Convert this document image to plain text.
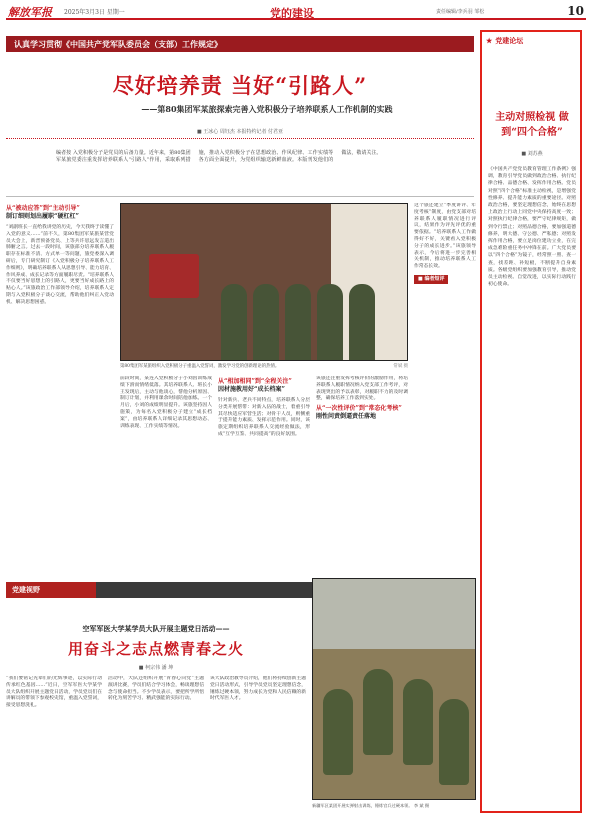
解放军报 2025年3月3日 星期一	党的建设	责任编辑/李兵羽 邹松	10
认真学习贯彻《中国共产党军队委员会（支部）工作规定》
尽好培养责 当好“引路人”
——第80集团军某旅探索完善入党积极分子培养联系人工作机制的实践
■ 王冰心 周钰杰 本报特约记者 付君亚
编者按 入党积极分子是党员的后备力量。近年来，第80集团军某旅党委注重发挥培养联系人“引路人”作用，采取系列措施，推动入党积极分子在思想政治、作风纪律、工作实绩等各方面全面提升，为党组织输送新鲜血液。本版刊发他们的做法，敬请关注。
从“被动应答”到“主动引导”
制订细则划出履职“硬杠杠”
“刘副班长一直给我讲党的历史，今天我终于读懂了入党的意义……”前不久，第80集团军某旅某营党员大会上，新晋预备党员、上等兵许思远发言道出肺腑之言。过去一段时间，该旅部分培养联系人履职存在标准不清、方式单一等问题，旅党委深入调研后，专门研究制订《入党积极分子培养联系人工作细则》，明确培养联系人从思想引导、能力培育、作风养成、成长记录等方面履职尽责。“培养联系人不仅要当好思想上的引路人，更要当好成长路上的贴心人。”该旅政治工作部领导介绍，培养联系人定期与入党积极分子谈心交流，帮助他们纠正入党动机、解决思想困惑。
第80集团军某旅组织入党积极分子重温入党誓词，激发学习党的创新理论的热情。	常斌 摄
前段时间，某连入党积极分子小刘因训练成绩下滑而情绪低落。其培养联系人、班长小王发现后，主动与他谈心，帮他分析原因、制订计划，并利用课余时间陪他加练。一个月后，小刘的成绩明显提升。该旅坚持因人施策，为每名入党积极分子建立“成长档案”，由培养联系人详细记录其思想动态、训练表现、工作实绩等情况。
从“相加相同”到“全程关注”
因材施教用好“成长档案”
针对新兵、老兵不同特点，培养联系人分层分类开展帮带：对新入伍的战士，着重引导其尽快适应军营生活；对骨干人员，则侧重于提升能力素质、发挥示范作用。同时，该旅定期组织培养联系人交流经验做法，形成“互学互鉴、共同提高”的良好氛围。
该旅还注重发挥考核评价的激励作用，将培养联系人履职情况纳入党支部工作考评，对表现突出的予以表彰，对履职不力的及时调整，确保培养工作落到实处。
从“一次性评价”到“常态化考核”
刚性问责倒逼责任落地
这个旅还建立“季度讲评、年度考核”制度，由党支部对培养联系人履职情况进行评议，结果作为评先评优的重要依据。“培养联系人工作做得好不好，关键看入党积极分子的成长进步。”该旅领导表示，今后将进一步完善相关机制，推动培养联系人工作常态长效。
■ 编者短评
★ 党建论坛
主动对照检视 做到“四个合格”
■ 刘苏燕
《中国共产党党员教育管理工作条例》强调，教育引导党员做到政治合格、执行纪律合格、品德合格、发挥作用合格。党员对照“四个合格”标准主动检视，是增强党性修养、提升能力素质的重要途径。对照政治合格，要坚定理想信念，始终在思想上政治上行动上同党中央保持高度一致；对照执行纪律合格，要严守纪律规矩，做到令行禁止；对照品德合格，要加强道德修养，明大德、守公德、严私德；对照发挥作用合格，要立足岗位建功立业，在完成急难险重任务中冲锋在前。广大党员要以“四个合格”为镜子，经常照一照、查一查，找差距、补短板，不断提升自身素质。各级党组织要加强教育引导，推动党员主动检视、自觉改进，以实际行动践行初心使命。
党建视野
空军军医大学某学员大队开展主题党日活动——
用奋斗之志点燃青春之火
■ 柯宗伟 潘 坤
“我们要铭记先辈们的光辉事迹，以实际行动传承红色基因……”近日，空军军医大学某学员大队组织开展主题党日活动，学员党员们在讲解员的带领下参观校史馆，重温入党誓词，接受思想洗礼。
活动中，大队还组织开展“青春心向党”主题演讲比赛，学员们结合学习体会，畅谈理想信念与使命担当。不少学员表示，要把所学所悟转化为刻苦学习、精武强能的实际行动。
该大队政治教导员介绍，他们将持续创新主题党日活动形式，引导学员党员坚定理想信念，锤炼过硬本领，努力成长为党和人民信赖的新时代军医人才。
新疆军区某团开展实弹射击训练，锤炼官兵过硬本领。 李 斌 摄
